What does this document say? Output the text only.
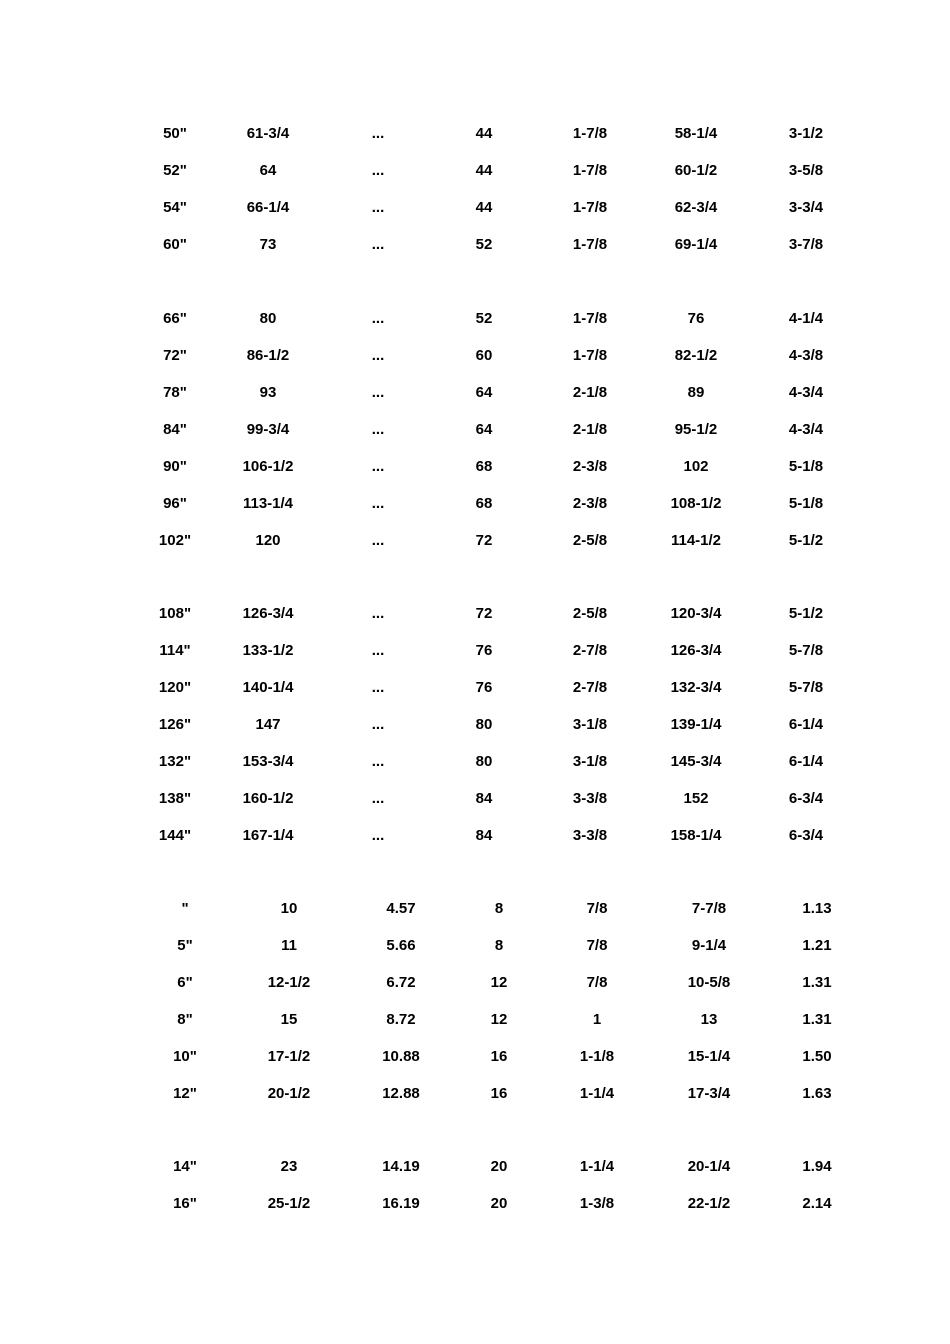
50"	61-3/4	...	44	1-7/8	58-1/4	3-1/2
52"	64	...	44	1-7/8	60-1/2	3-5/8
54"	66-1/4	...	44	1-7/8	62-3/4	3-3/4
60"	73	...	52	1-7/8	69-1/4	3-7/8
66"	80	...	52	1-7/8	76	4-1/4
72"	86-1/2	...	60	1-7/8	82-1/2	4-3/8
78"	93	...	64	2-1/8	89	4-3/4
84"	99-3/4	...	64	2-1/8	95-1/2	4-3/4
90"	106-1/2	...	68	2-3/8	102	5-1/8
96"	113-1/4	...	68	2-3/8	108-1/2	5-1/8
102"	120	...	72	2-5/8	114-1/2	5-1/2
108"	126-3/4	...	72	2-5/8	120-3/4	5-1/2
114"	133-1/2	...	76	2-7/8	126-3/4	5-7/8
120"	140-1/4	...	76	2-7/8	132-3/4	5-7/8
126"	147	...	80	3-1/8	139-1/4	6-1/4
132"	153-3/4	...	80	3-1/8	145-3/4	6-1/4
138"	160-1/2	...	84	3-3/8	152	6-3/4
144"	167-1/4	...	84	3-3/8	158-1/4	6-3/4
"	10	4.57	8	7/8	7-7/8	1.13
5"	11	5.66	8	7/8	9-1/4	1.21
6"	12-1/2	6.72	12	7/8	10-5/8	1.31
8"	15	8.72	12	1	13	1.31
10"	17-1/2	10.88	16	1-1/8	15-1/4	1.50
12"	20-1/2	12.88	16	1-1/4	17-3/4	1.63
14"	23	14.19	20	1-1/4	20-1/4	1.94
16"	25-1/2	16.19	20	1-3/8	22-1/2	2.14
